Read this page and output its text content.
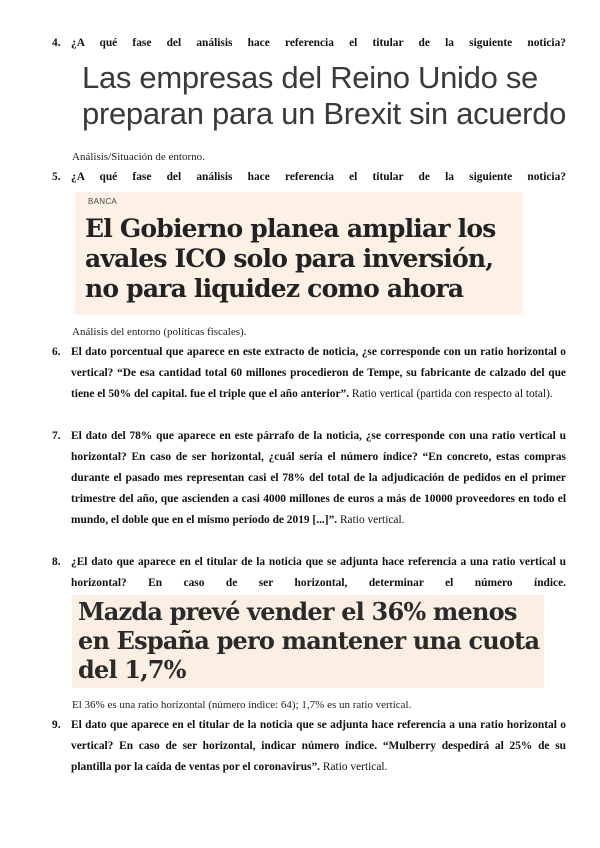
4. ¿A qué fase del análisis hace referencia el titular de la siguiente noticia?
Las empresas del Reino Unido se preparan para un Brexit sin acuerdo
Análisis/Situación de entorno.
5. ¿A qué fase del análisis hace referencia el titular de la siguiente noticia?
BANCA
El Gobierno planea ampliar los avales ICO solo para inversión, no para liquidez como ahora
Análisis del entorno (políticas fiscales).
6. El dato porcentual que aparece en este extracto de noticia, ¿se corresponde con un ratio horizontal o vertical? “De esa cantidad total 60 millones procedieron de Tempe, su fabricante de calzado del que tiene el 50% del capital. fue el triple que el año anterior”. Ratio vertical (partida con respecto al total).
7. El dato del 78% que aparece en este párrafo de la noticia, ¿se corresponde con una ratio vertical u horizontal? En caso de ser horizontal, ¿cuál sería el número índice? “En concreto, estas compras durante el pasado mes representan casi el 78% del total de la adjudicación de pedidos en el primer trimestre del año, que ascienden a casi 4000 millones de euros a más de 10000 proveedores en todo el mundo, el doble que en el mismo período de 2019 [...]”. Ratio vertical.
8. ¿El dato que aparece en el titular de la noticia que se adjunta hace referencia a una ratio vertical u horizontal? En caso de ser horizontal, determinar el número índice.
Mazda prevé vender el 36% menos en España pero mantener una cuota del 1,7%
El 36% es una ratio horizontal (número índice: 64); 1,7% es un ratio vertical.
9. El dato que aparece en el titular de la noticia que se adjunta hace referencia a una ratio horizontal o vertical? En caso de ser horizontal, indicar número índice. “Mulberry despedirá al 25% de su plantilla por la caída de ventas por el coronavirus”. Ratio vertical.
